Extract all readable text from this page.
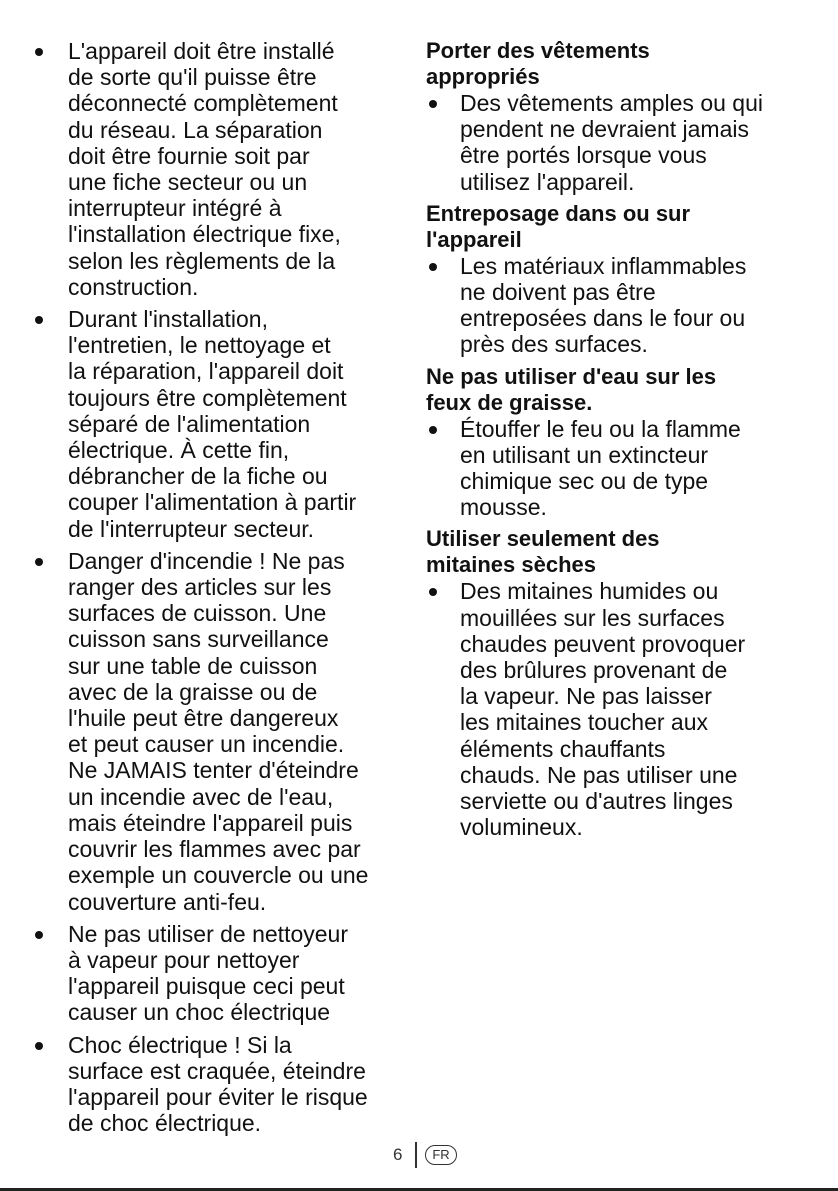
L'appareil doit être installé
de sorte qu'il puisse être
déconnecté complètement
du réseau. La séparation
doit être fournie soit par
une fiche secteur ou un
interrupteur intégré à
l'installation électrique fixe,
selon les règlements de la
construction.
Durant l'installation,
l'entretien, le nettoyage et
la réparation, l'appareil doit
toujours être complètement
séparé de l'alimentation
électrique. À cette fin,
débrancher de la fiche ou
couper l'alimentation à partir
de l'interrupteur secteur.
Danger d'incendie ! Ne pas
ranger des articles sur les
surfaces de cuisson. Une
cuisson sans surveillance
sur une table de cuisson
avec de la graisse ou de
l'huile peut être dangereux
et peut causer un incendie.
Ne JAMAIS tenter d'éteindre
un incendie avec de l'eau,
mais éteindre l'appareil puis
couvrir les flammes avec par
exemple un couvercle ou une
couverture anti-feu.
Ne pas utiliser de nettoyeur
à vapeur pour nettoyer
l'appareil puisque ceci peut
causer un choc électrique
Choc électrique ! Si la
surface est craquée, éteindre
l'appareil pour éviter le risque
de choc électrique.
Porter des vêtements
appropriés
Des vêtements amples ou qui
pendent ne devraient jamais
être portés lorsque vous
utilisez l'appareil.
Entreposage dans ou sur
l'appareil
Les matériaux inflammables
ne doivent pas être
entreposées dans le four ou
près des surfaces.
Ne pas utiliser d'eau sur les
feux de graisse.
Étouffer le feu ou la flamme
en utilisant un extincteur
chimique sec ou de type
mousse.
Utiliser seulement des
mitaines sèches
Des mitaines humides ou
mouillées sur les surfaces
chaudes peuvent provoquer
des brûlures provenant de
la vapeur. Ne pas laisser
les mitaines toucher aux
éléments chauffants
chauds. Ne pas utiliser une
serviette ou d'autres linges
volumineux.
6	FR
